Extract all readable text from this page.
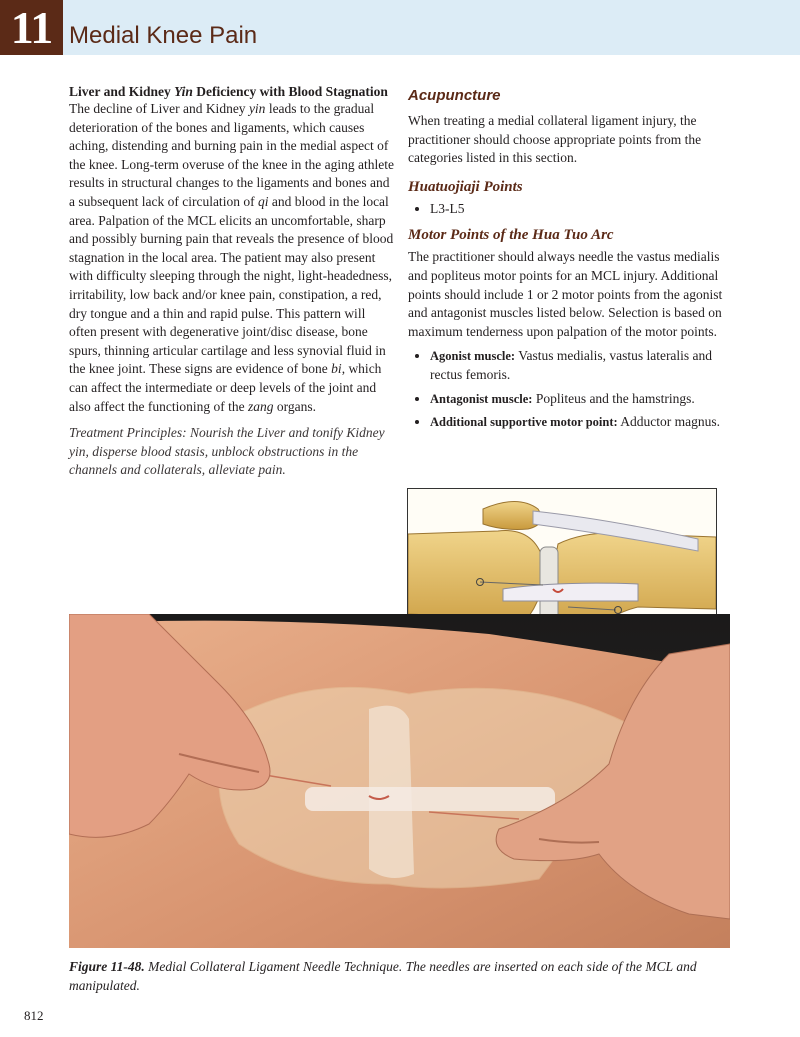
11 Medial Knee Pain

Liver and Kidney Yin Deficiency with Blood Stagnation

The decline of Liver and Kidney yin leads to the gradual deterioration of the bones and ligaments, which causes aching, distending and burning pain in the medial aspect of the knee. Long-term overuse of the knee in the aging athlete results in structural changes to the ligaments and bones and a subsequent lack of circulation of qi and blood in the local area. Palpation of the MCL elicits an uncomfortable, sharp and possibly burning pain that reveals the presence of blood stagnation in the local area. The patient may also present with difficulty sleeping through the night, light-headedness, irritability, low back and/or knee pain, constipation, a red, dry tongue and a thin and rapid pulse. This pattern will often present with degenerative joint/disc disease, bone spurs, thinning articular cartilage and less synovial fluid in the knee joint. These signs are evidence of bone bi, which can affect the intermediate or deep levels of the joint and also affect the functioning of the zang organs.

Treatment Principles: Nourish the Liver and tonify Kidney yin, disperse blood stasis, unblock obstructions in the channels and collaterals, alleviate pain.

Acupuncture

When treating a medial collateral ligament injury, the practitioner should choose appropriate points from the categories listed in this section.

Huatuojiaji Points
• L3-L5
Motor Points of the Hua Tuo Arc

The practitioner should always needle the vastus medialis and popliteus motor points for an MCL injury. Additional points should include 1 or 2 motor points from the agonist and antagonist muscles listed below. Selection is based on maximum tenderness upon palpation of the motor points.

• Agonist muscle: Vastus medialis, vastus lateralis and rectus femoris.
• Antagonist muscle: Popliteus and the hamstrings.
• Additional supportive motor point: Adductor magnus.
Figure 11-48. Medial Collateral Ligament Needle Technique. The needles are inserted on each side of the MCL and manipulated.
812
